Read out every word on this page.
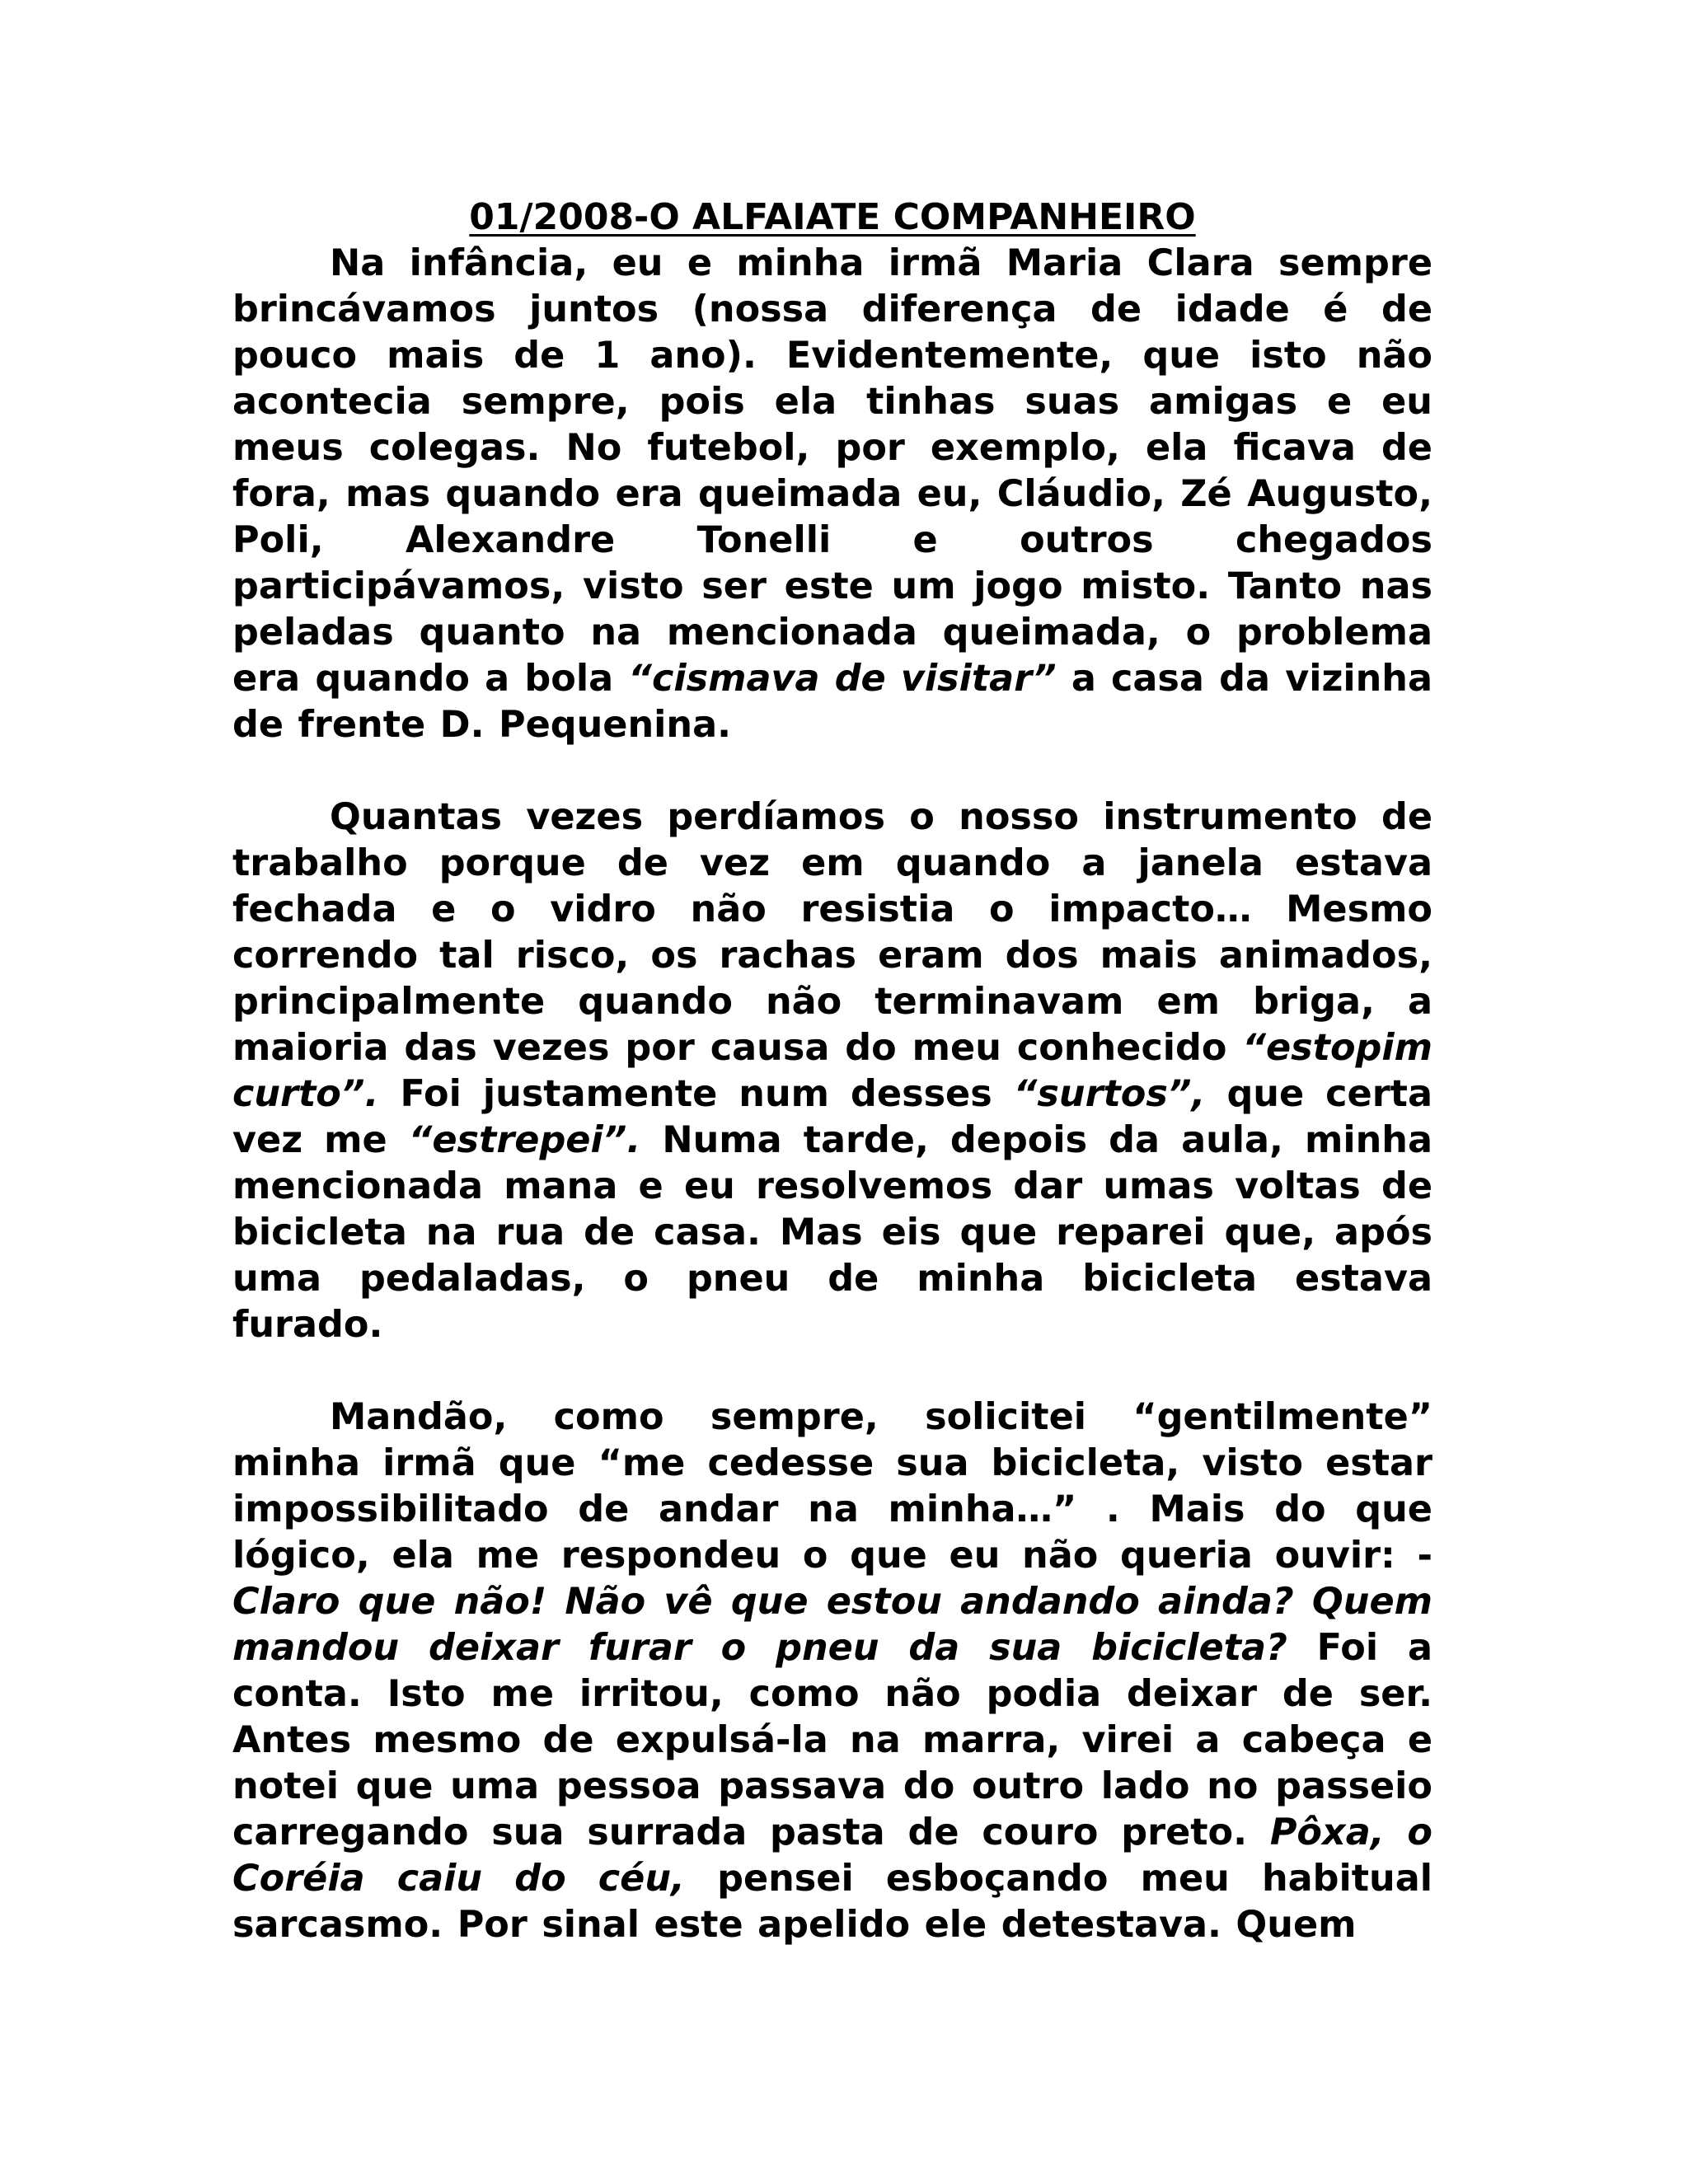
01/2008-O ALFAIATE COMPANHEIRO

Na infância, eu e minha irmã Maria Clara sempre brincávamos juntos (nossa diferença de idade é de pouco mais de 1 ano). Evidentemente, que isto não acontecia sempre, pois ela tinhas suas amigas e eu meus colegas. No futebol, por exemplo, ela ficava de fora, mas quando era queimada eu, Cláudio, Zé Augusto, Poli, Alexandre Tonelli e outros chegados participávamos, visto ser este um jogo misto. Tanto nas peladas quanto na mencionada queimada, o problema era quando a bola “cismava de visitar” a casa da vizinha de frente D. Pequenina.

Quantas vezes perdíamos o nosso instrumento de trabalho porque de vez em quando a janela estava fechada e o vidro não resistia o impacto… Mesmo correndo tal risco, os rachas eram dos mais animados, principalmente quando não terminavam em briga, a maioria das vezes por causa do meu conhecido “estopim curto”. Foi justamente num desses “surtos”, que certa vez me “estrepei”. Numa tarde, depois da aula, minha mencionada mana e eu resolvemos dar umas voltas de bicicleta na rua de casa. Mas eis que reparei que, após uma pedaladas, o pneu de minha bicicleta estava furado.

Mandão, como sempre, solicitei “gentilmente” minha irmã que “me cedesse sua bicicleta, visto estar impossibilitado de andar na minha…” . Mais do que lógico, ela me respondeu o que eu não queria ouvir: - Claro que não! Não vê que estou andando ainda? Quem mandou deixar furar o pneu da sua bicicleta? Foi a conta. Isto me irritou, como não podia deixar de ser. Antes mesmo de expulsá-la na marra, virei a cabeça e notei que uma pessoa passava do outro lado no passeio carregando sua surrada pasta de couro preto. Pôxa, o Coréia caiu do céu, pensei esboçando meu habitual sarcasmo. Por sinal este apelido ele detestava. Quem
